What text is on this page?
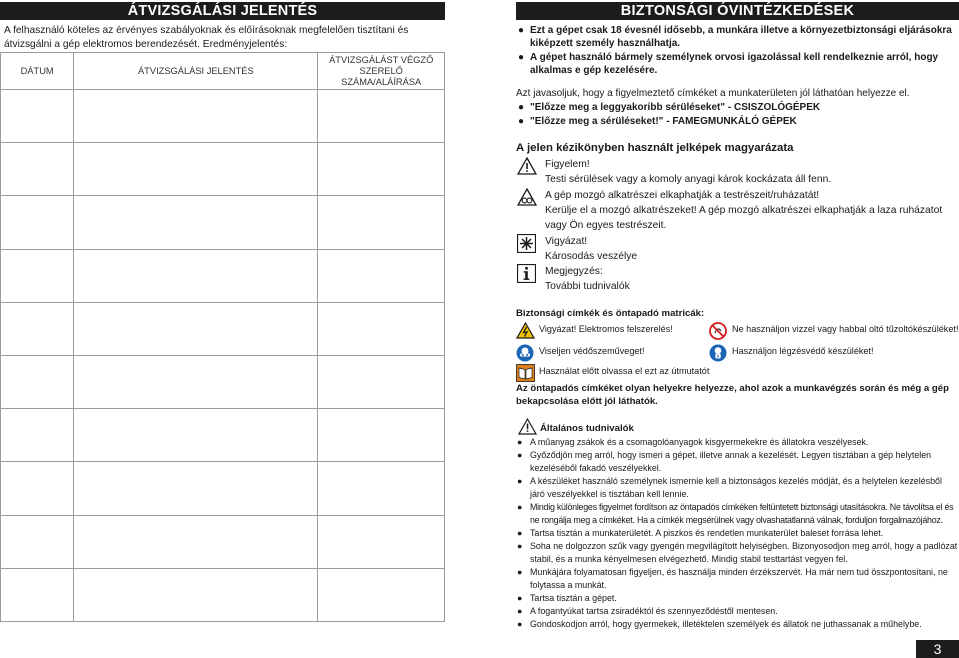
ÁTVIZSGÁLÁSI JELENTÉS
A felhasználó köteles az érvényes szabályoknak és előírásoknak megfelelően tisztítani és átvizsgálni a gép elektromos berendezését. Eredményjelentés:
DÁTUM	ÁTVIZSGÁLÁSI JELENTÉS	ÁTVIZSGÁLÁST VÉGZŐ SZERELŐ SZÁMA/ALÁÍRÁSA

BIZTONSÁGI ÓVINTÉZKEDÉSEK
● Ezt a gépet csak 18 évesnél idősebb, a munkára illetve a környezetbiztonsági eljárásokra kiképzett személy használhatja.
● A gépet használó bármely személynek orvosi igazolással kell rendelkeznie arról, hogy alkalmas e gép kezelésére.
Azt javasoljuk, hogy a figyelmeztető címkéket a munkaterületen jól láthatóan helyezze el.
● "Előzze meg a leggyakoribb sérüléseket" - CSISZOLÓGÉPEK
● "Előzze meg a sérüléseket!" - FAMEGMUNKÁLÓ GÉPEK
A jelen kézikönyben használt jelképek magyarázata
Figyelem!
Testi sérülések vagy a komoly anyagi károk kockázata áll fenn.
A gép mozgó alkatrészei elkaphatják a testrészeit/ruházatát!
Kerülje el a mozgó alkatrészeket! A gép mozgó alkatrészei elkaphatják a laza ruházatot vagy Ön egyes testrészeit.
Vigyázat!
Károsodás veszélye
Megjegyzés:
További tudnivalók
Biztonsági címkék és öntapadó matricák:
Vigyázat! Elektromos felszerelés!	Ne használjon vizzel vagy habbal oltó tűzoltókészüléket!
Viseljen védőszeműveget!	Használjon légzésvédő készüléket!
Használat előtt olvassa el ezt az útmutatót
Az öntapadós címkéket olyan helyekre helyezze, ahol azok a munkavégzés során és még a gép bekapcsolása előtt jól láthatók.
Általános tudnivalók
● A műanyag zsákok és a csomagolóanyagok kisgyermekekre és állatokra veszélyesek.
● Győződjön meg arról, hogy ismeri a gépet, illetve annak a kezelését. Legyen tisztában a gép helytelen kezeléséből fakadó veszélyekkel.
● A készüléket használó személynek ismernie kell a biztonságos kezelés módját, és a helytelen kezelésből járó veszélyekkel is tisztában kell lennie.
● Mindig különleges figyelmet fordítson az öntapadós címkéken feltüntetett biztonsági utasításokra. Ne távolítsa el és ne rongálja meg a címkéket. Ha a címkék megsérülnek vagy olvashatatlanná válnak, forduljon forgalmazójához.
● Tartsa tisztán a munkaterületét. A piszkos és rendetlen munkaterület baleset forrása lehet.
● Soha ne dolgozzon szűk vagy gyengén megvilágított helyiségben. Bizonyosodjon meg arról, hogy a padlózat stabil, és a munka kényelmesen elvégezhető. Mindig stabil testtartást vegyen fel.
● Munkájára folyamatosan figyeljen, és használja minden érzékszervét. Ha már nem tud összpontosítani, ne folytassa a munkát.
● Tartsa tisztán a gépet.
● A fogantyúkat tartsa zsiradéktól és szennyeződéstől mentesen.
● Gondoskodjon arról, hogy gyermekek, illetéktelen személyek és állatok ne juthassanak a műhelybe.
3
